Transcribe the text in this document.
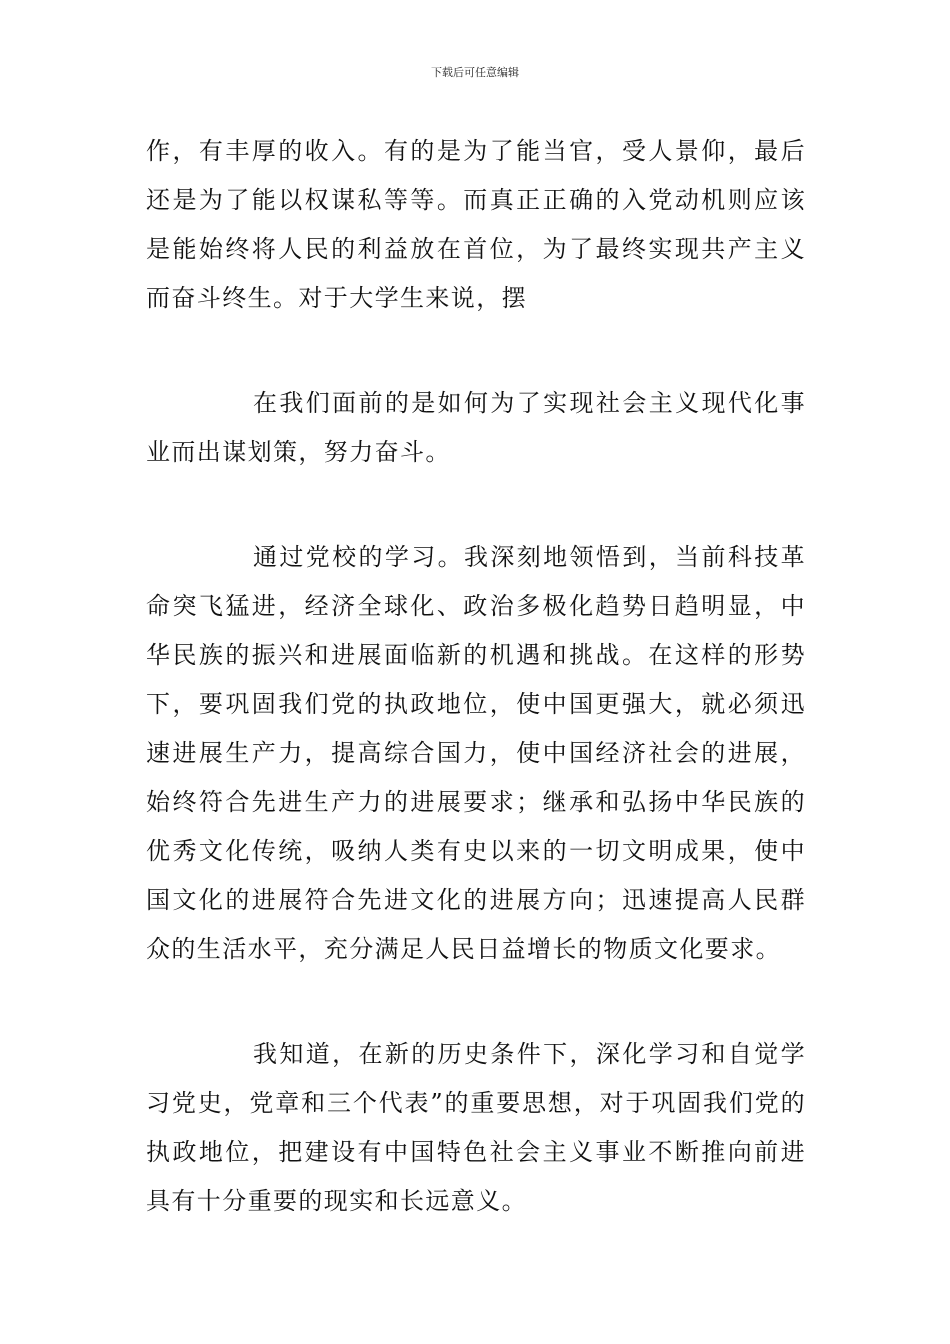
下载后可任意编辑

作，有丰厚的收入。有的是为了能当官，受人景仰，最后还是为了能以权谋私等等。而真正正确的入党动机则应该是能始终将人民的利益放在首位，为了最终实现共产主义而奋斗终生。对于大学生来说，摆

在我们面前的是如何为了实现社会主义现代化事业而出谋划策，努力奋斗。

通过党校的学习。我深刻地领悟到，当前科技革命突飞猛进，经济全球化、政治多极化趋势日趋明显，中华民族的振兴和进展面临新的机遇和挑战。在这样的形势下，要巩固我们党的执政地位，使中国更强大，就必须迅速进展生产力，提高综合国力，使中国经济社会的进展，始终符合先进生产力的进展要求；继承和弘扬中华民族的优秀文化传统，吸纳人类有史以来的一切文明成果，使中国文化的进展符合先进文化的进展方向；迅速提高人民群众的生活水平，充分满足人民日益增长的物质文化要求。

我知道，在新的历史条件下，深化学习和自觉学习党史，党章和三个代表”的重要思想，对于巩固我们党的执政地位，把建设有中国特色社会主义事业不断推向前进具有十分重要的现实和长远意义。
